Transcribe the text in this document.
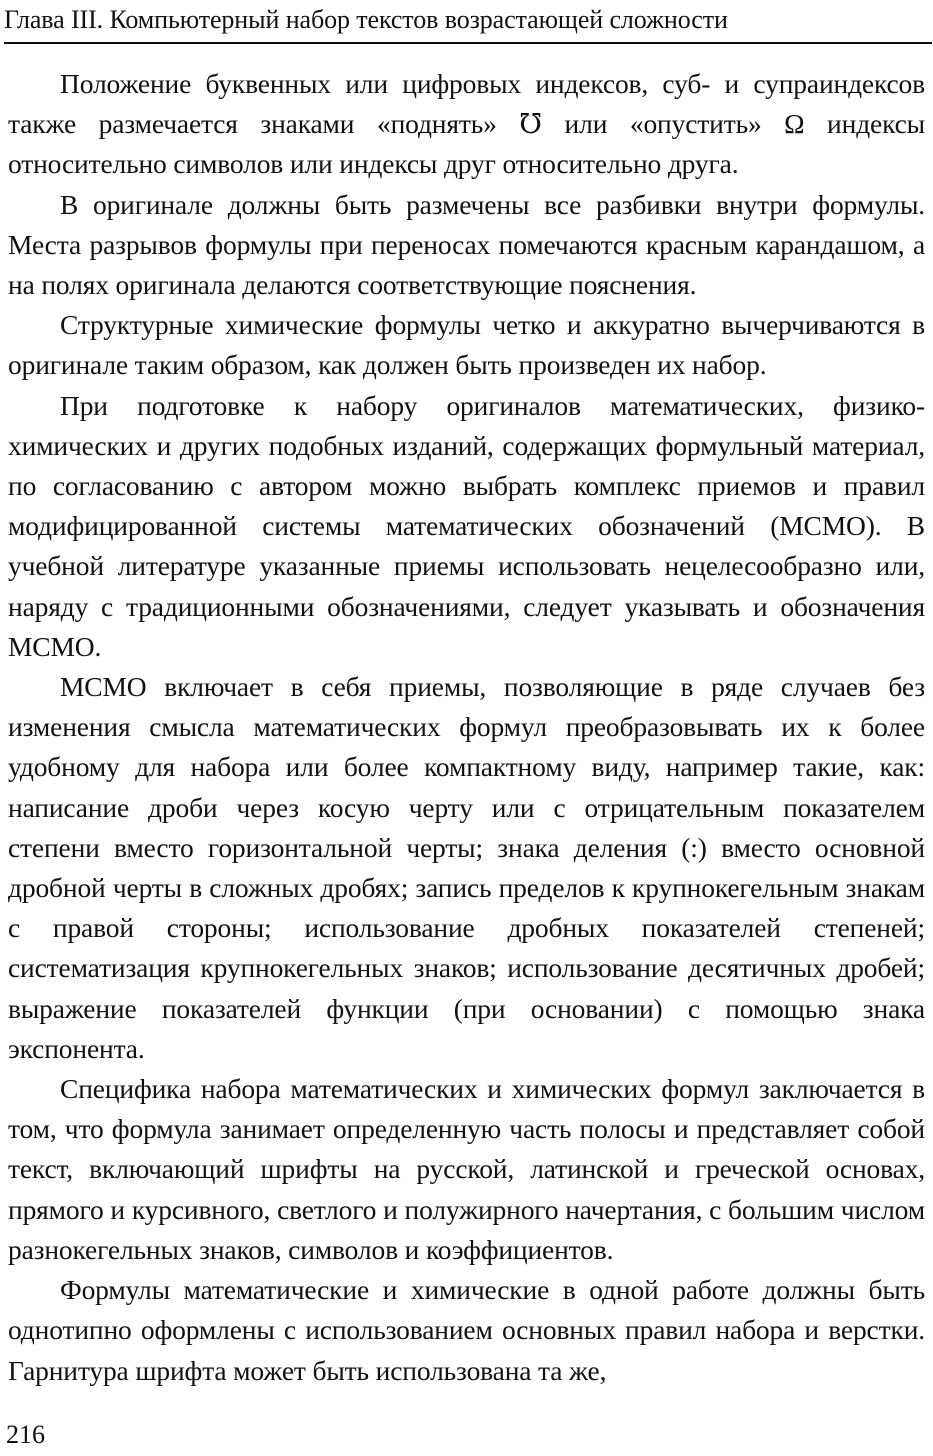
Глава III. Компьютерный набор текстов возрастающей сложности

Положение буквенных или цифровых индексов, суб- и супраиндексов также размечается знаками «поднять» ℧ или «опустить» Ω индексы относительно символов или индексы друг относительно друга.

В оригинале должны быть размечены все разбивки внутри формулы. Места разрывов формулы при переносах помечаются красным карандашом, а на полях оригинала делаются соответствующие пояснения.

Структурные химические формулы четко и аккуратно вычерчиваются в оригинале таким образом, как должен быть произведен их набор.

При подготовке к набору оригиналов математических, физико-химических и других подобных изданий, содержащих формульный материал, по согласованию с автором можно выбрать комплекс приемов и правил модифицированной системы математических обозначений (МСМО). В учебной литературе указанные приемы использовать нецелесообразно или, наряду с традиционными обозначениями, следует указывать и обозначения МСМО.

МСМО включает в себя приемы, позволяющие в ряде случаев без изменения смысла математических формул преобразовывать их к более удобному для набора или более компактному виду, например такие, как: написание дроби через косую черту или с отрицательным показателем степени вместо горизонтальной черты; знака деления (:) вместо основной дробной черты в сложных дробях; запись пределов к крупнокегельным знакам с правой стороны; использование дробных показателей степеней; систематизация крупнокегельных знаков; использование десятичных дробей; выражение показателей функции (при основании) с помощью знака экспонента.

Специфика набора математических и химических формул заключается в том, что формула занимает определенную часть полосы и представляет собой текст, включающий шрифты на русской, латинской и греческой основах, прямого и курсивного, светлого и полужирного начертания, с большим числом разнокегельных знаков, символов и коэффициентов.

Формулы математические и химические в одной работе должны быть однотипно оформлены с использованием основных правил набора и верстки. Гарнитура шрифта может быть использована та же,

216
